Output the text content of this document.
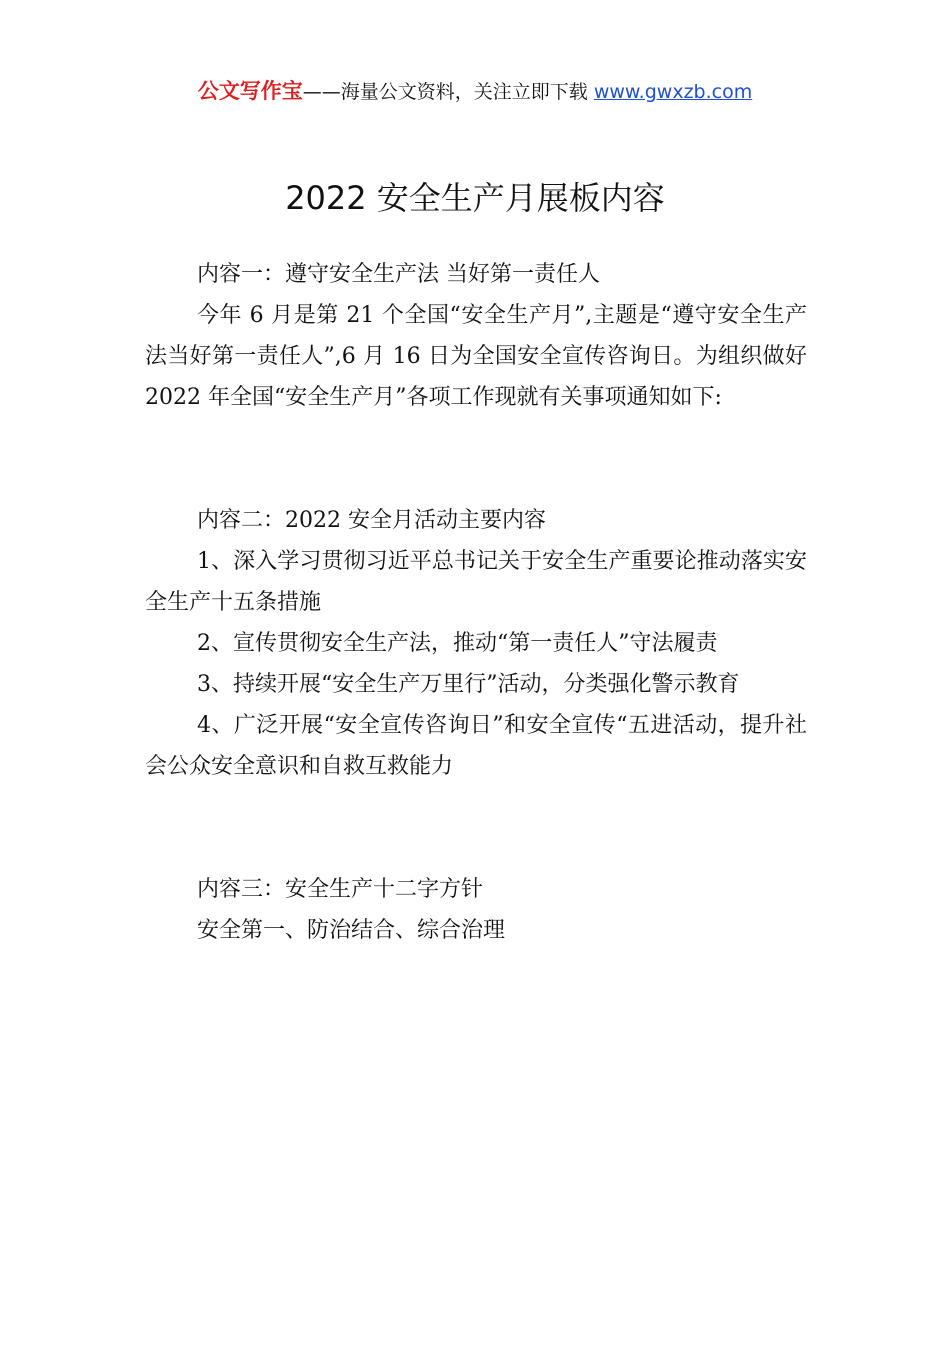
公文写作宝——海量公文资料，关注立即下载 www.gwxzb.com
2022 安全生产月展板内容

内容一：遵守安全生产法 当好第一责任人

今年 6 月是第 21 个全国“安全生产月”,主题是“遵守安全生产法当好第一责任人”,6 月 16 日为全国安全宣传咨询日。为组织做好 2022 年全国“安全生产月”各项工作现就有关事项通知如下:

内容二：2022 安全月活动主要内容

1、深入学习贯彻习近平总书记关于安全生产重要论推动落实安全生产十五条措施

2、宣传贯彻安全生产法，推动“第一责任人”守法履责

3、持续开展“安全生产万里行”活动，分类强化警示教育

4、广泛开展“安全宣传咨询日”和安全宣传“五进活动，提升社会公众安全意识和自救互救能力

内容三：安全生产十二字方针

安全第一、防治结合、综合治理
